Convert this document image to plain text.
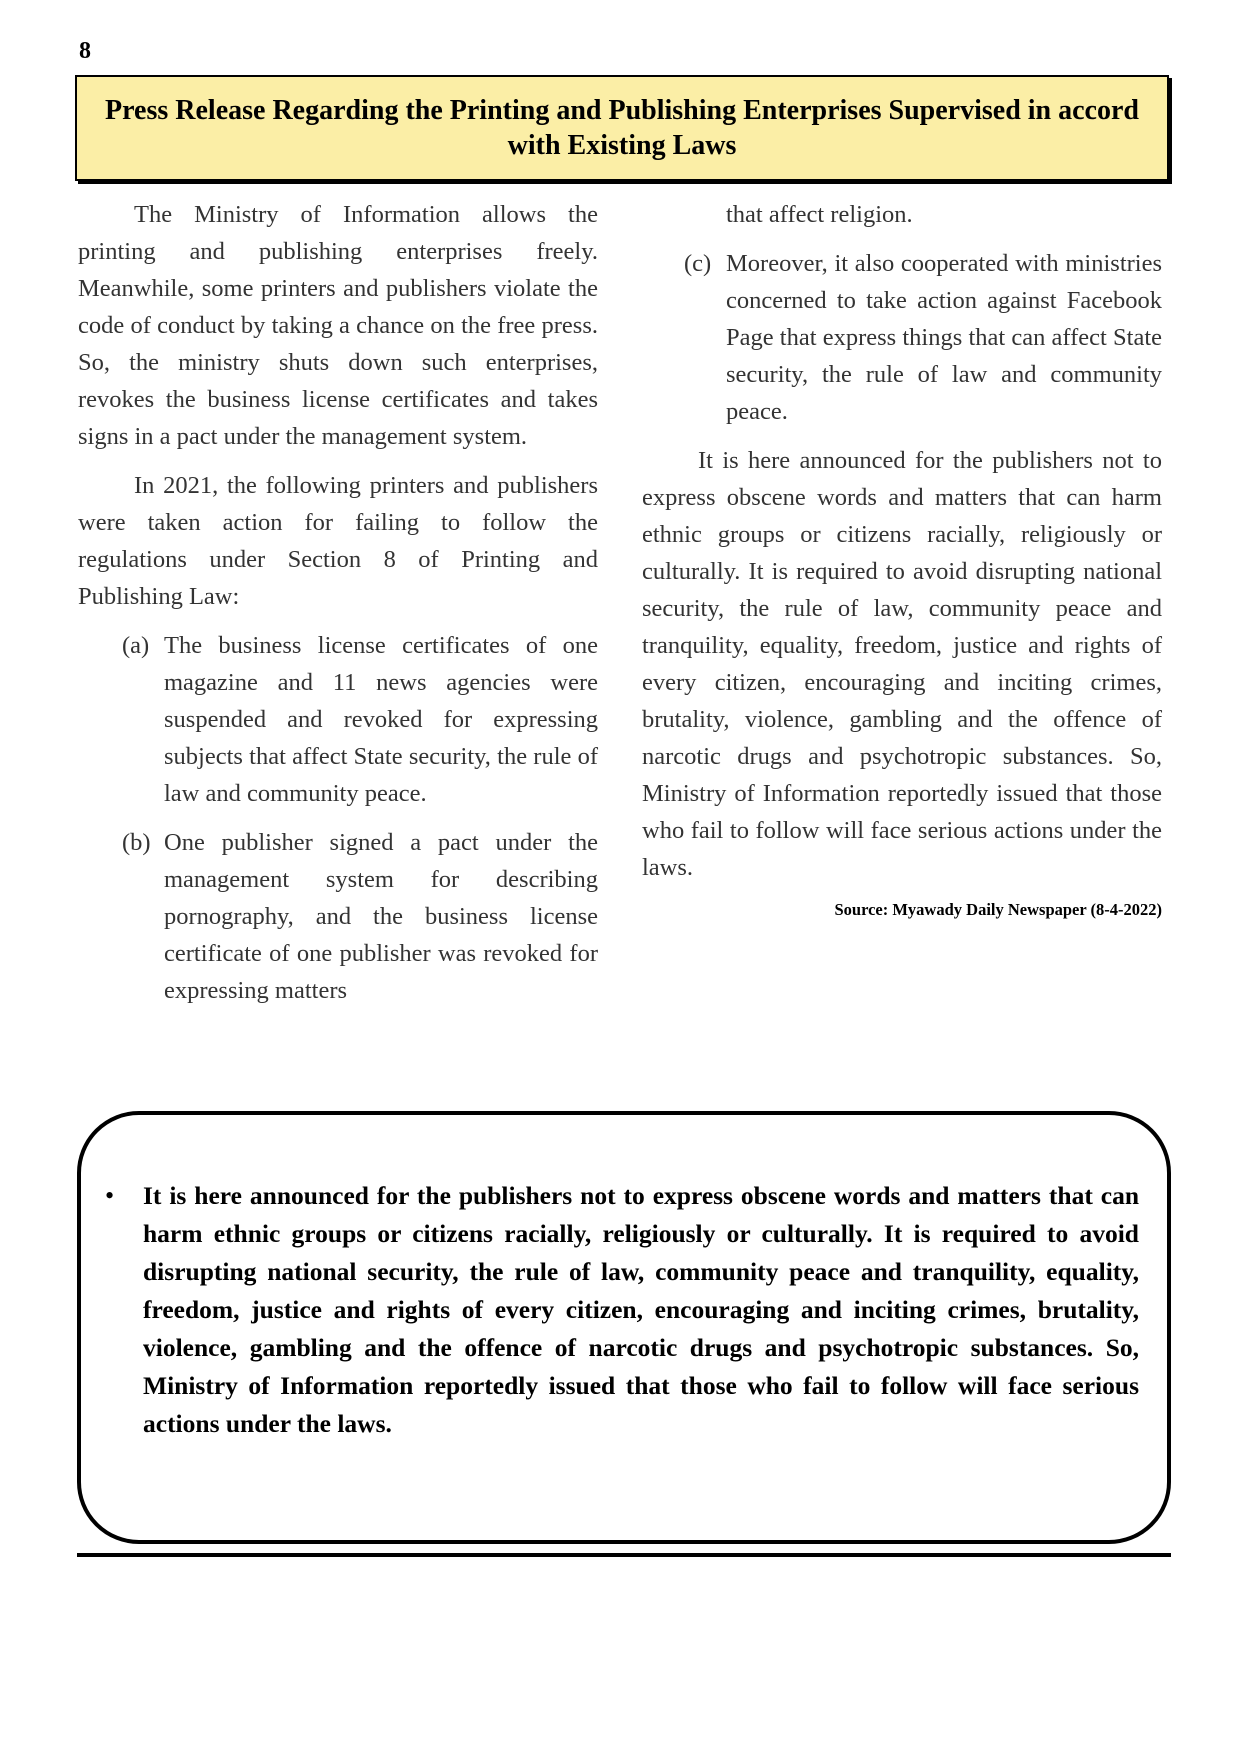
8
Press Release Regarding the Printing and Publishing Enterprises Supervised in accord with Existing Laws

The Ministry of Information allows the printing and publishing enterprises freely. Meanwhile, some printers and publishers violate the code of conduct by taking a chance on the free press. So, the ministry shuts down such enterprises, revokes the business license certificates and takes signs in a pact under the management system.

In 2021, the following printers and publishers were taken action for failing to follow the regulations under Section 8 of Printing and Publishing Law:

(a) The business license certificates of one magazine and 11 news agencies were suspended and revoked for expressing subjects that affect State security, the rule of law and community peace.
(b) One publisher signed a pact under the management system for describing pornography, and the business license certificate of one publisher was revoked for expressing matters
that affect religion.
(c) Moreover, it also cooperated with ministries concerned to take action against Facebook Page that express things that can affect State security, the rule of law and community peace.

It is here announced for the publishers not to express obscene words and matters that can harm ethnic groups or citizens racially, religiously or culturally. It is required to avoid disrupting national security, the rule of law, community peace and tranquility, equality, freedom, justice and rights of every citizen, encouraging and inciting crimes, brutality, violence, gambling and the offence of narcotic drugs and psychotropic substances. So, Ministry of Information reportedly issued that those who fail to follow will face serious actions under the laws.

Source: Myawady Daily Newspaper (8-4-2022)
•	It is here announced for the publishers not to express obscene words and matters that can harm ethnic groups or citizens racially, religiously or culturally. It is required to avoid disrupting national security, the rule of law, community peace and tranquility, equality, freedom, justice and rights of every citizen, encouraging and inciting crimes, brutality, violence, gambling and the offence of narcotic drugs and psychotropic substances. So, Ministry of Information reportedly issued that those who fail to follow will face serious actions under the laws.
